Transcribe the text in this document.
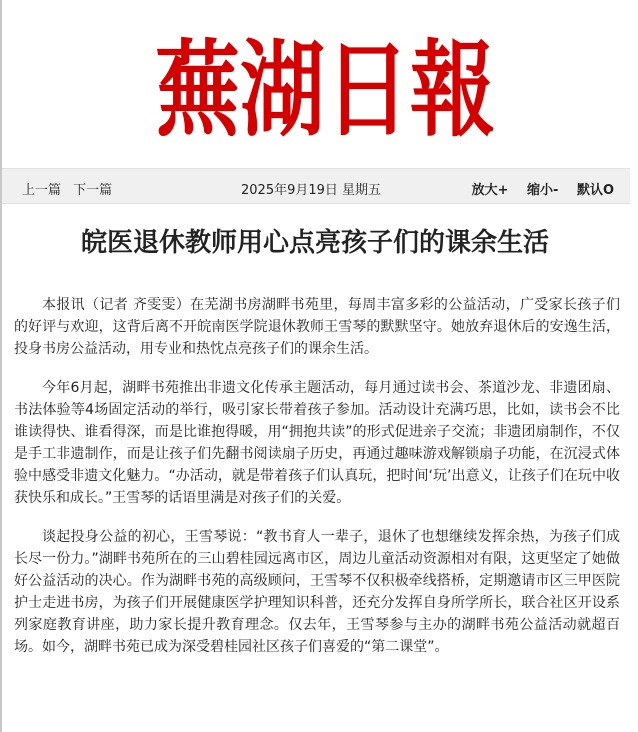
蕪湖日報
上一篇 下一篇	2025年9月19日 星期五	放大+ 缩小- 默认O
皖医退休教师用心点亮孩子们的课余生活

本报讯（记者 齐雯雯）在芜湖书房湖畔书苑里，每周丰富多彩的公益活动，广受家长孩子们的好评与欢迎，这背后离不开皖南医学院退休教师王雪琴的默默坚守。她放弃退休后的安逸生活，投身书房公益活动，用专业和热忱点亮孩子们的课余生活。

今年6月起，湖畔书苑推出非遗文化传承主题活动，每月通过读书会、茶道沙龙、非遗团扇、书法体验等4场固定活动的举行，吸引家长带着孩子参加。活动设计充满巧思，比如，读书会不比谁读得快、谁看得深，而是比谁抱得暖，用“拥抱共读”的形式促进亲子交流；非遗团扇制作，不仅是手工非遗制作，而是让孩子们先翻书阅读扇子历史，再通过趣味游戏解锁扇子功能，在沉浸式体验中感受非遗文化魅力。“办活动，就是带着孩子们认真玩，把时间‘玩’出意义，让孩子们在玩中收获快乐和成长。”王雪琴的话语里满是对孩子们的关爱。

谈起投身公益的初心，王雪琴说：“教书育人一辈子，退休了也想继续发挥余热，为孩子们成长尽一份力。”湖畔书苑所在的三山碧桂园远离市区，周边儿童活动资源相对有限，这更坚定了她做好公益活动的决心。作为湖畔书苑的高级顾问，王雪琴不仅积极牵线搭桥，定期邀请市区三甲医院护士走进书房，为孩子们开展健康医学护理知识科普，还充分发挥自身所学所长，联合社区开设系列家庭教育讲座，助力家长提升教育理念。仅去年，王雪琴参与主办的湖畔书苑公益活动就超百场。如今，湖畔书苑已成为深受碧桂园社区孩子们喜爱的“第二课堂”。
